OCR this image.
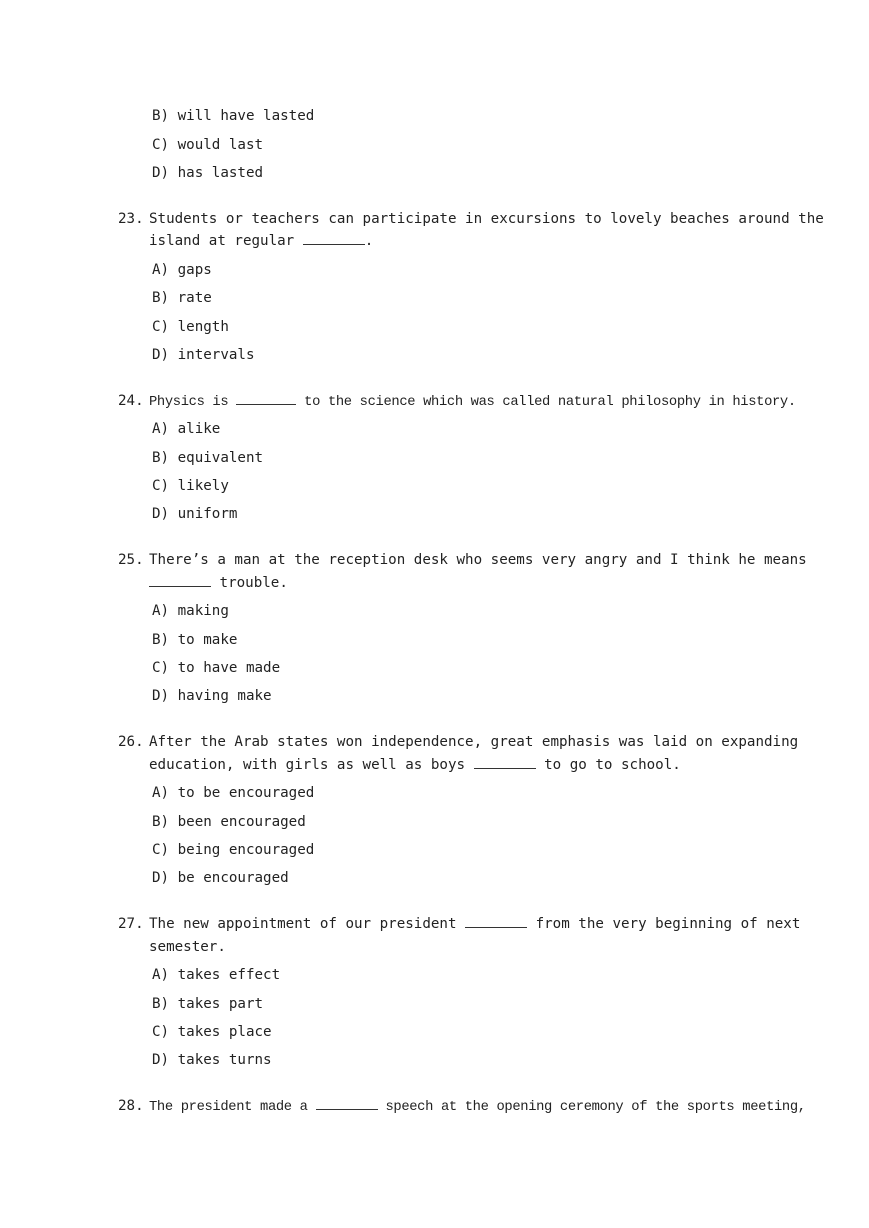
B) will have lasted
C) would last
D) has lasted
23. Students or teachers can participate in excursions to lovely beaches around the
island at regular	.
A) gaps
B) rate
C) length
D) intervals
24. Physics is	to the science which was called natural philosophy in history.
A) alike
B) equivalent
C) likely
D) uniform
25. There’s a man at the reception desk who seems very angry and I think he means
trouble.
A) making
B) to make
C) to have made
D) having make
26. After the Arab states won independence, great emphasis was laid on expanding
education, with girls as well as boys	to go to school.
A) to be encouraged
B) been encouraged
C) being encouraged
D) be encouraged
27. The new appointment of our president	from the very beginning of next
semester.
A) takes effect
B) takes part
C) takes place
D) takes turns
28. The president made a	speech at the opening ceremony of the sports meeting,
